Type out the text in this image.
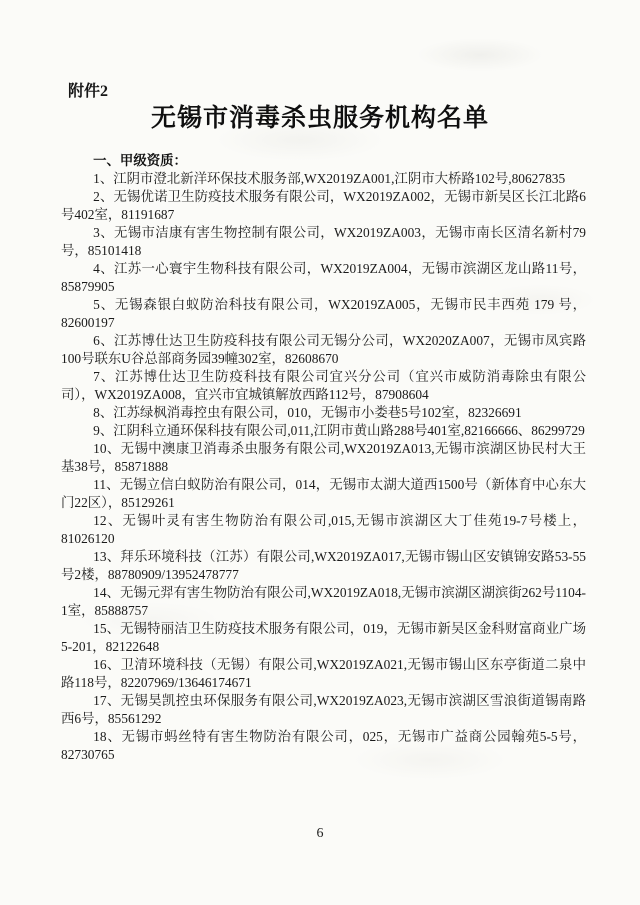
附件2
无锡市消毒杀虫服务机构名单

一、甲级资质：

1、江阴市澄北新洋环保技术服务部,WX2019ZA001,江阴市大桥路102号,80627835

2、无锡优诺卫生防疫技术服务有限公司，WX2019ZA002，无锡市新吴区长江北路6号402室，81191687

3、无锡市洁康有害生物控制有限公司，WX2019ZA003，无锡市南长区清名新村79号，85101418

4、江苏一心寰宇生物科技有限公司，WX2019ZA004，无锡市滨湖区龙山路11号，85879905

5、无锡森银白蚁防治科技有限公司，WX2019ZA005，无锡市民丰西苑 179 号，82600197

6、江苏博仕达卫生防疫科技有限公司无锡分公司，WX2020ZA007，无锡市凤宾路100号联东U谷总部商务园39幢302室，82608670

7、江苏博仕达卫生防疫科技有限公司宜兴分公司（宜兴市威防消毒除虫有限公司），WX2019ZA008，宜兴市宜城镇解放西路112号，87908604

8、江苏绿枫消毒控虫有限公司，010，无锡市小娄巷5号102室，82326691

9、江阴科立通环保科技有限公司,011,江阴市黄山路288号401室,82166666、86299729

10、无锡中澳康卫消毒杀虫服务有限公司,WX2019ZA013,无锡市滨湖区协民村大王基38号，85871888

11、无锡立信白蚁防治有限公司，014，无锡市太湖大道西1500号（新体育中心东大门22区），85129261

12、无锡叶灵有害生物防治有限公司,015,无锡市滨湖区大丁佳苑19-7号楼上，81026120

13、拜乐环境科技（江苏）有限公司,WX2019ZA017,无锡市锡山区安镇锦安路53-55号2楼，88780909/13952478777

14、无锡元羿有害生物防治有限公司,WX2019ZA018,无锡市滨湖区湖滨街262号1104-1室，85888757

15、无锡特丽洁卫生防疫技术服务有限公司，019，无锡市新吴区金科财富商业广场5-201，82122648

16、卫清环境科技（无锡）有限公司,WX2019ZA021,无锡市锡山区东亭街道二泉中路118号，82207969/13646174671

17、无锡昊凯控虫环保服务有限公司,WX2019ZA023,无锡市滨湖区雪浪街道锡南路西6号，85561292

18、无锡市蚂丝特有害生物防治有限公司，025，无锡市广益商公园翰苑5-5号，82730765

6
